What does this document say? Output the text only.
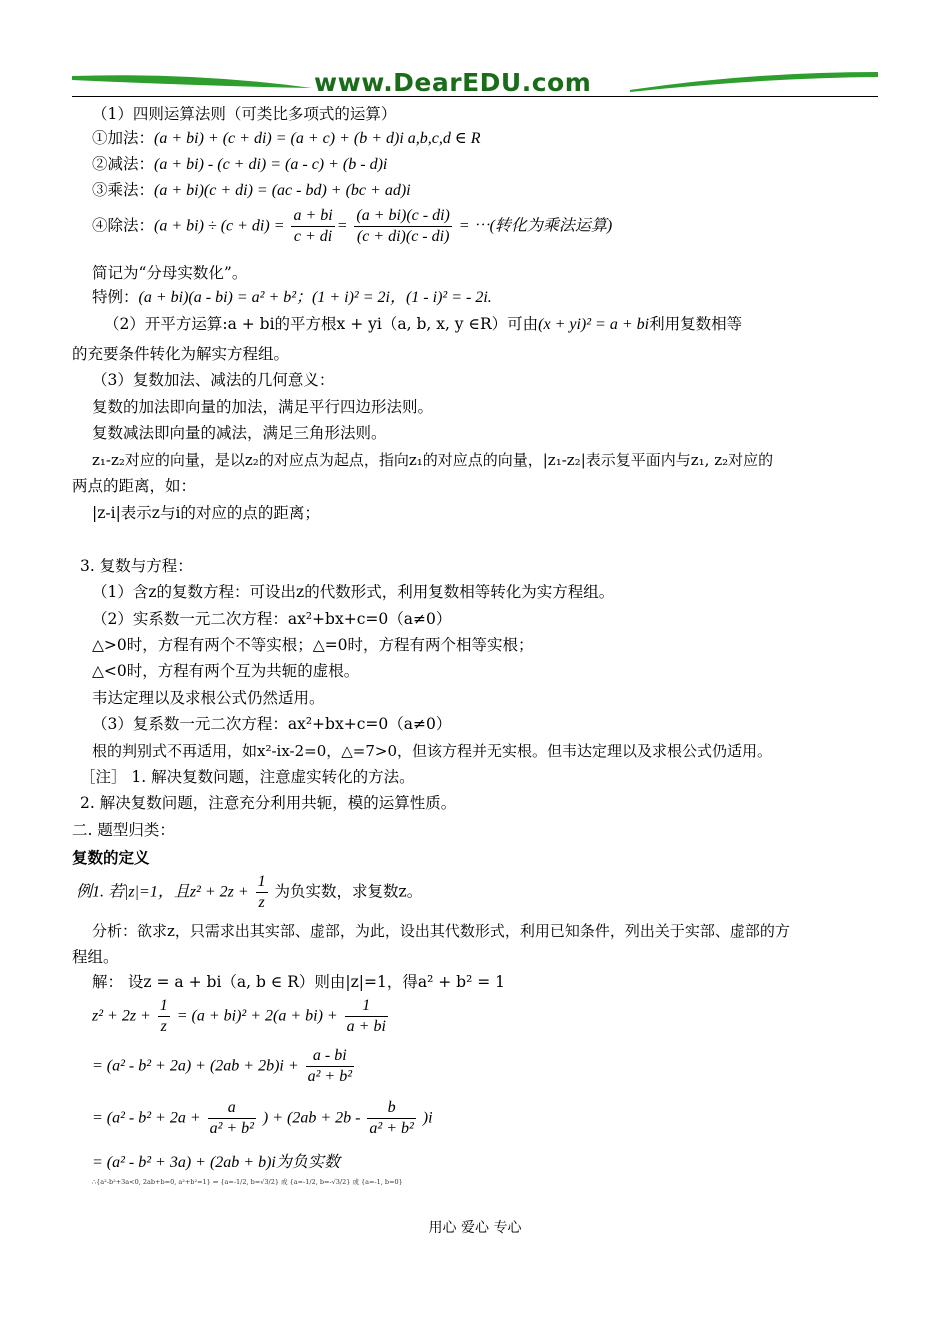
www.DearEDU.com
（1）四则运算法则（可类比多项式的运算）
①加法：(a + bi) + (c + di) = (a + c) + (b + d)i a,b,c,d ∈ R
②减法：(a + bi) - (c + di) = (a - c) + (b - d)i
③乘法：(a + bi)(c + di) = (ac - bd) + (bc + ad)i
④除法：$(a + bi) \div (c + di) = \frac{a + bi}{c + di} = \frac{(a + bi)(c - di)}{(c + di)(c - di)}$ = ⋯(转化为乘法运算)
简记为“分母实数化”。
特例：(a + bi)(a - bi) = a² + b²；(1 + i)² = 2i，(1 - i)² = - 2i.
（2）开平方运算:a + bi的平方根x + yi（a, b, x, y ∈R）可由(x + yi)² = a + bi利用复数相等
的充要条件转化为解实方程组。
（3）复数加法、减法的几何意义：
复数的加法即向量的加法，满足平行四边形法则。
复数减法即向量的减法，满足三角形法则。
z₁-z₂对应的向量，是以z₂的对应点为起点，指向z₁的对应点的向量，|z₁-z₂|表示复平面内与z₁, z₂对应的
两点的距离，如：
|z-i|表示z与i的对应的点的距离；
3. 复数与方程：
（1）含z的复数方程：可设出z的代数形式，利用复数相等转化为实方程组。
（2）实系数一元二次方程：ax²+bx+c=0（a≠0）
△>0时，方程有两个不等实根；△=0时，方程有两个相等实根；
△<0时，方程有两个互为共轭的虚根。
韦达定理以及求根公式仍然适用。
（3）复系数一元二次方程：ax²+bx+c=0（a≠0）
根的判别式不再适用，如x²-ix-2=0，△=7>0，但该方程并无实根。但韦达定理以及求根公式仍适用。
［注］ 1. 解决复数问题，注意虚实转化的方法。
2. 解决复数问题，注意充分利用共轭，模的运算性质。
二. 题型归类：
复数的定义
例1. 若|z|=1，且$z^2 + 2z + \frac{1}{z}$ 为负实数，求复数z。
分析：欲求z，只需求出其实部、虚部，为此，设出其代数形式，利用已知条件，列出关于实部、虚部的方
程组。
解： 设z = a + bi（a, b ∈ R）则由|z|=1，得a² + b² = 1
$z^2 + 2z + \frac{1}{z} = (a + bi)^2 + 2(a + bi) + \frac{1}{a + bi}$
= $(a^2 - b^2 + 2a) + (2ab + 2b)i + \frac{a - bi}{\text{a² + b²}}$
= ($a^2 - b^2 + 2a + \frac{a}{\text{a² + b²}}$ ) + $(2ab + 2b - \frac{b}{\text{a² + b²}} )i$
= (a² - b² + 3a) + (2ab + b)i为负实数
∴{a²-b²+3a<0, 2ab+b=0, a²+b²=1} ⇒ {a=-1/2, b=√3/2} 或 {a=-1/2, b=-√3/2} 或 {a=-1, b=0}
用心 爱心 专心
